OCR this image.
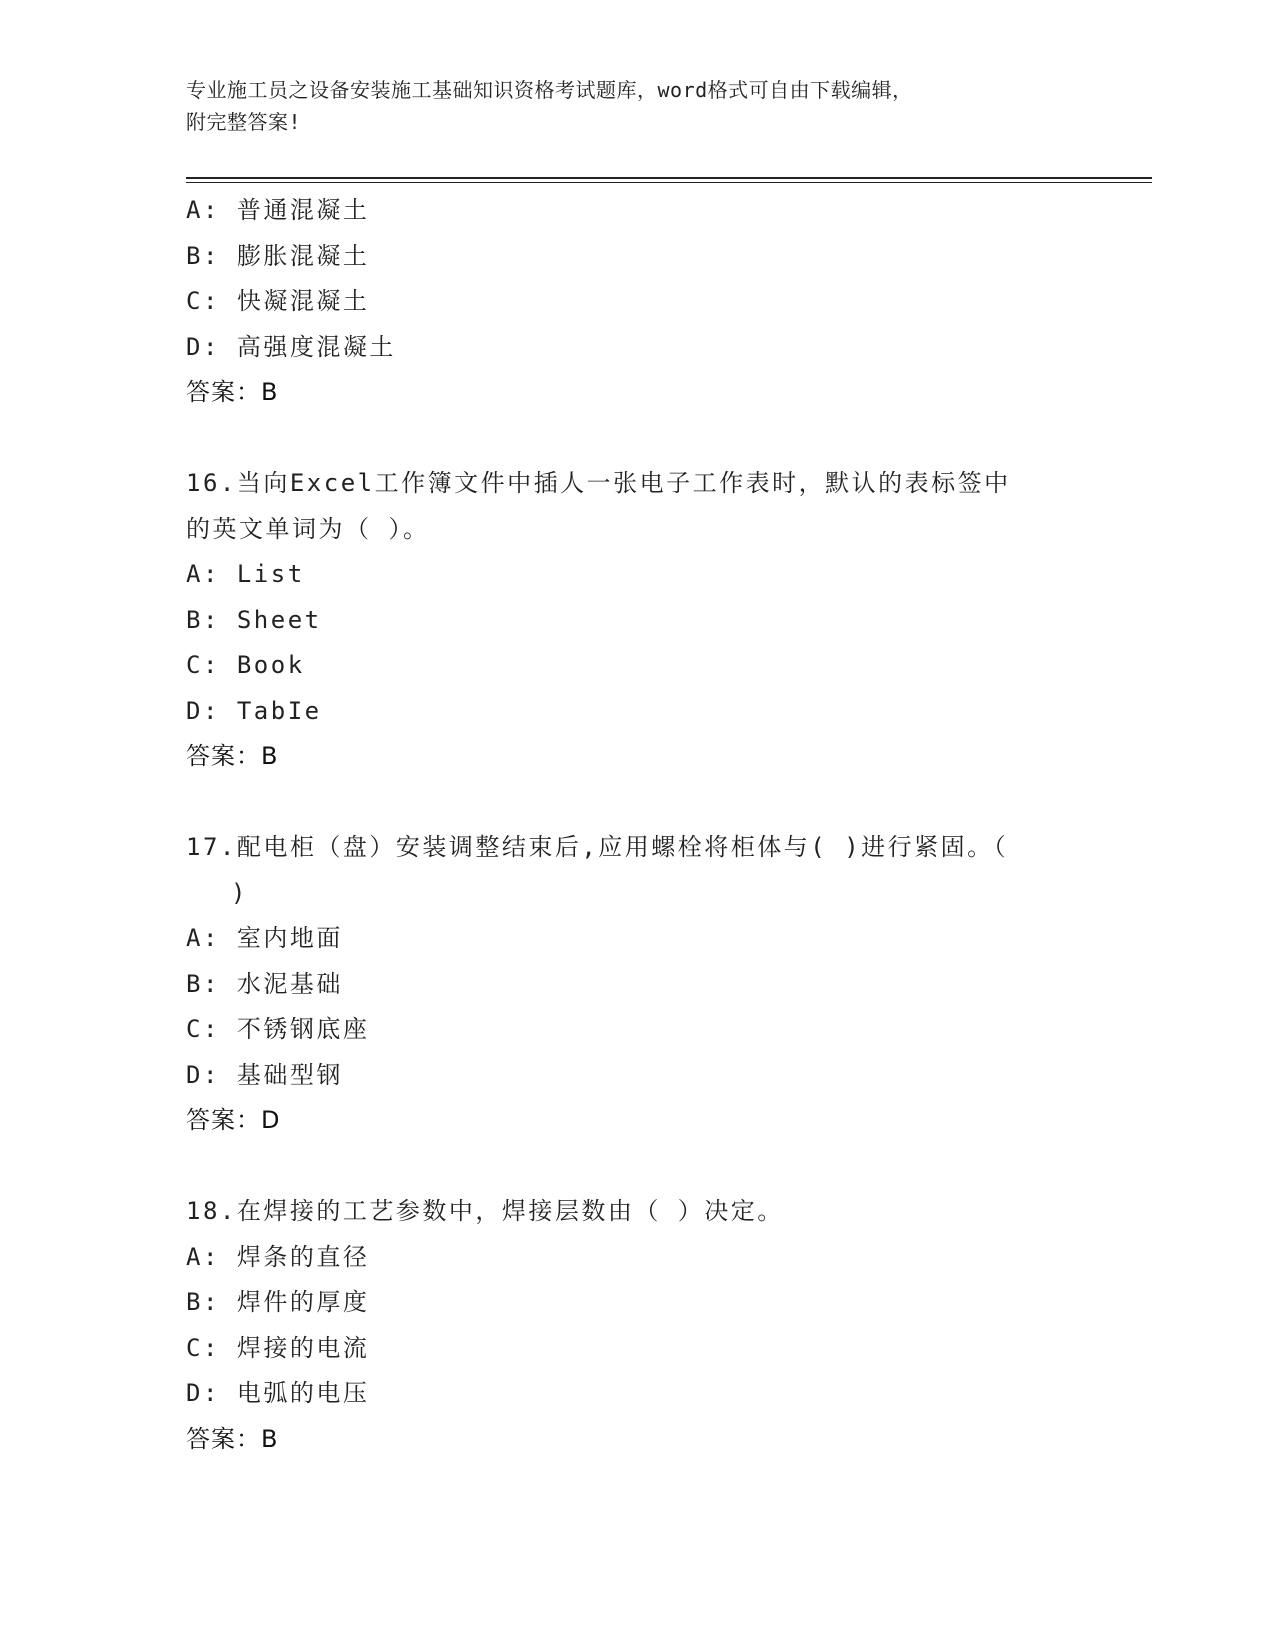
专业施工员之设备安装施工基础知识资格考试题库，word格式可自由下载编辑，
附完整答案!
A: 普通混凝土
B: 膨胀混凝土
C: 快凝混凝土
D: 高强度混凝土
答案：B
16.当向Excel工作簿文件中插人一张电子工作表时，默认的表标签中
的英文单词为（ ）。
A: List
B: Sheet
C: Book
D: TabIe
答案：B
17.配电柜（盘）安装调整结束后,应用螺栓将柜体与( )进行紧固。（
)
A: 室内地面
B: 水泥基础
C: 不锈钢底座
D: 基础型钢
答案：D
18.在焊接的工艺参数中，焊接层数由（ ）决定。
A: 焊条的直径
B: 焊件的厚度
C: 焊接的电流
D: 电弧的电压
答案：B
